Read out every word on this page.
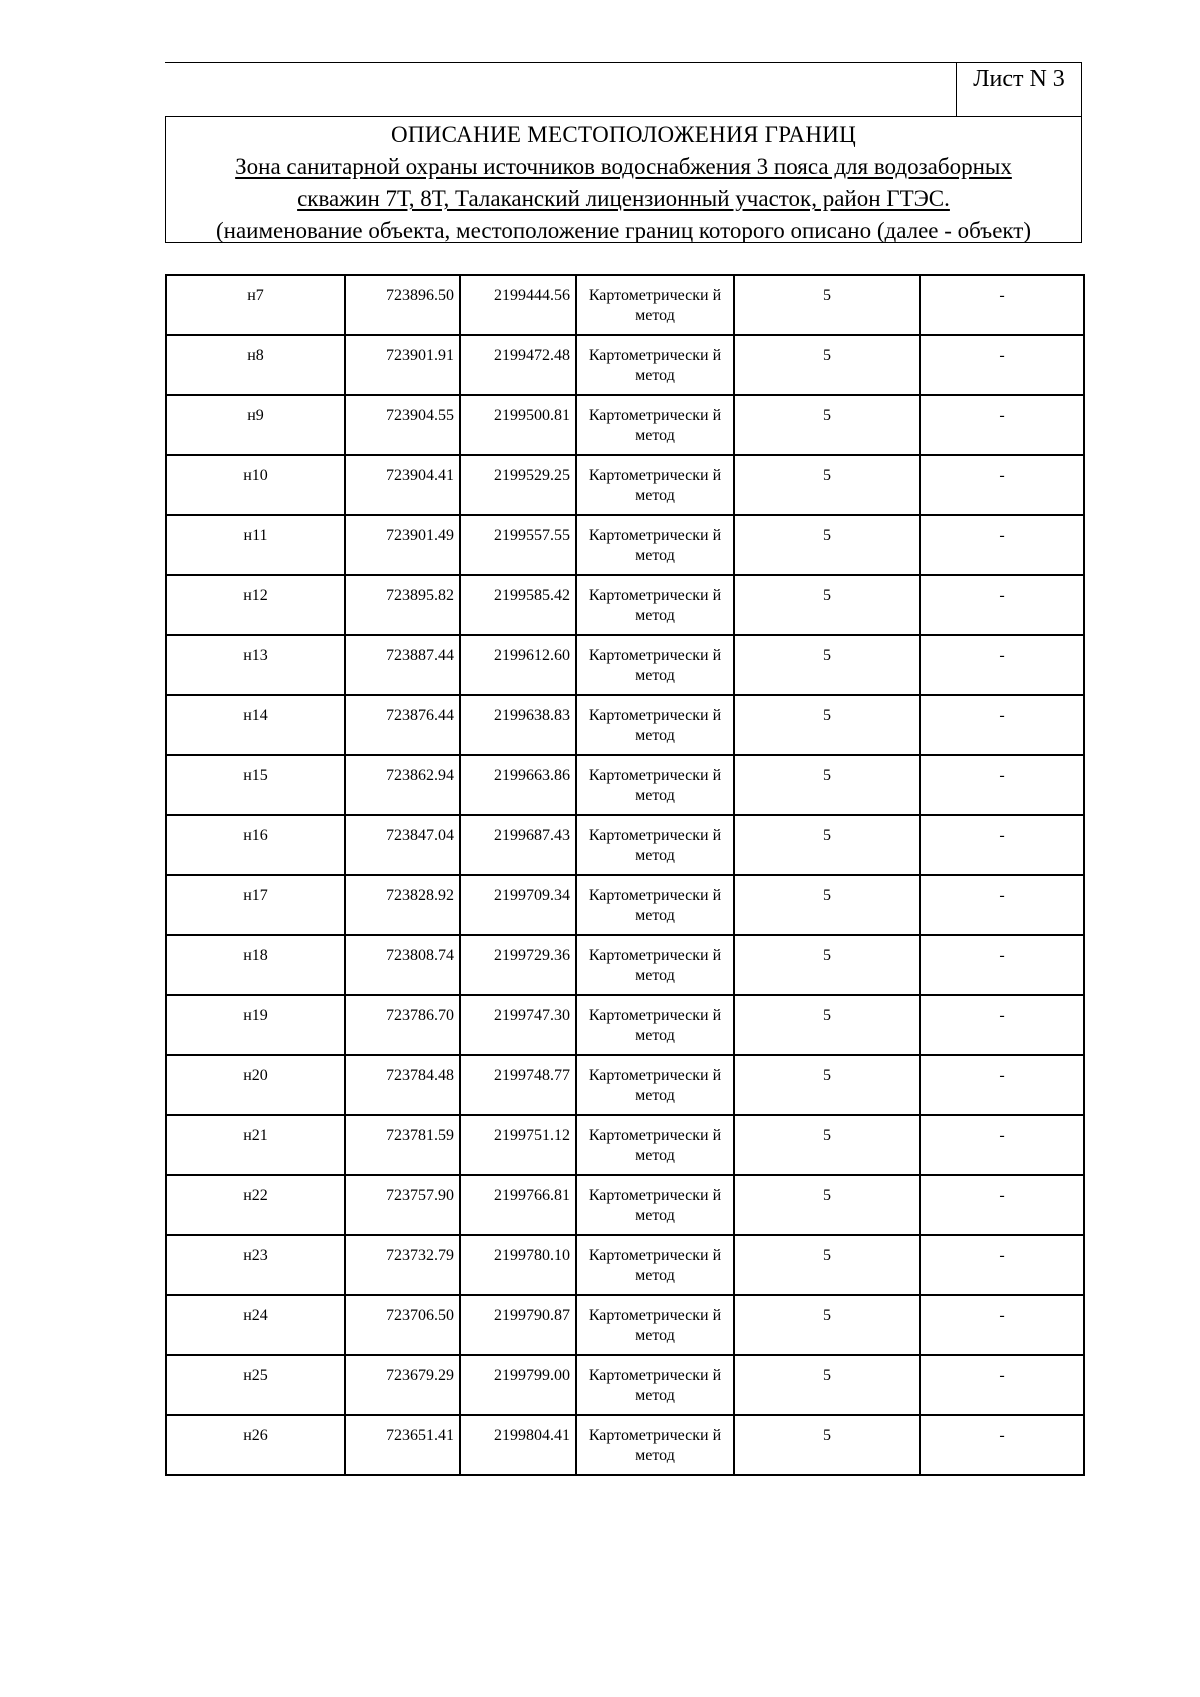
Лист N 3
ОПИСАНИЕ МЕСТОПОЛОЖЕНИЯ ГРАНИЦ
Зона санитарной охраны источников водоснабжения 3 пояса для водозаборных
скважин 7Т, 8Т, Талаканский лицензионный участок, район ГТЭС.
(наименование объекта, местоположение границ которого описано (далее - объект)
н7	723896.50	2199444.56	Картометрически й метод	5	-
н8	723901.91	2199472.48	Картометрически й метод	5	-
н9	723904.55	2199500.81	Картометрически й метод	5	-
н10	723904.41	2199529.25	Картометрически й метод	5	-
н11	723901.49	2199557.55	Картометрически й метод	5	-
н12	723895.82	2199585.42	Картометрически й метод	5	-
н13	723887.44	2199612.60	Картометрически й метод	5	-
н14	723876.44	2199638.83	Картометрически й метод	5	-
н15	723862.94	2199663.86	Картометрически й метод	5	-
н16	723847.04	2199687.43	Картометрически й метод	5	-
н17	723828.92	2199709.34	Картометрически й метод	5	-
н18	723808.74	2199729.36	Картометрически й метод	5	-
н19	723786.70	2199747.30	Картометрически й метод	5	-
н20	723784.48	2199748.77	Картометрически й метод	5	-
н21	723781.59	2199751.12	Картометрически й метод	5	-
н22	723757.90	2199766.81	Картометрически й метод	5	-
н23	723732.79	2199780.10	Картометрически й метод	5	-
н24	723706.50	2199790.87	Картометрически й метод	5	-
н25	723679.29	2199799.00	Картометрически й метод	5	-
н26	723651.41	2199804.41	Картометрически й метод	5	-
